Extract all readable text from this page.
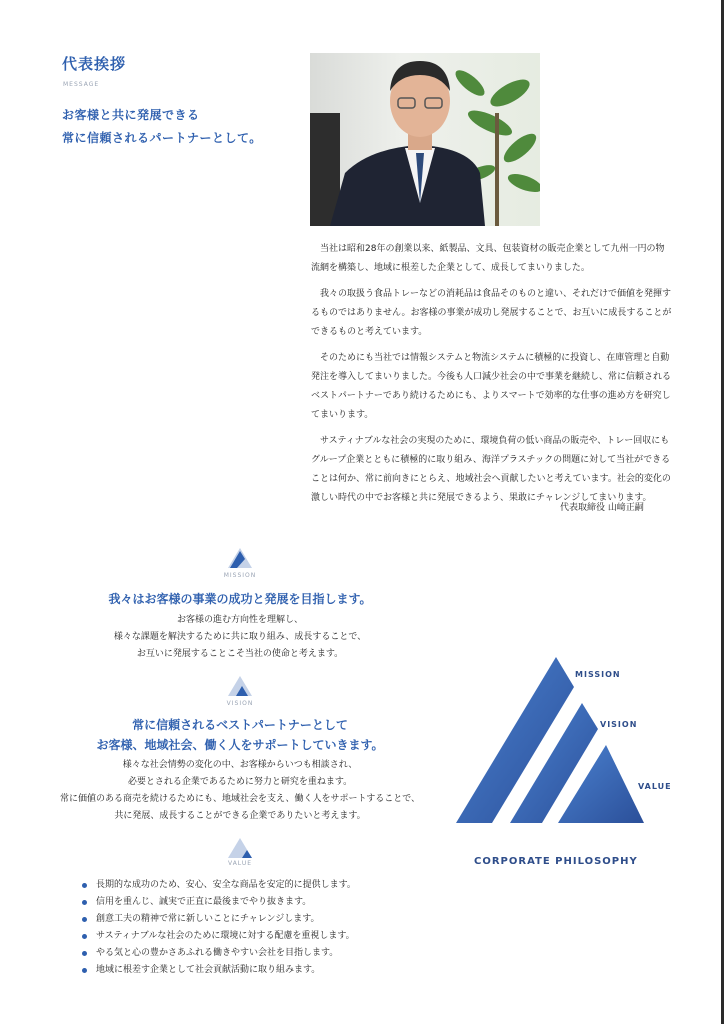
代表挨拶
MESSAGE
お客様と共に発展できる
常に信頼されるパートナーとして。

当社は昭和28年の創業以来、紙製品、文具、包装資材の販売企業として九州一円の物流網を構築し、地域に根差した企業として、成長してまいりました。

我々の取扱う食品トレーなどの消耗品は食品そのものと違い、それだけで価値を発揮するものではありません。お客様の事業が成功し発展することで、お互いに成長することができるものと考えています。

そのためにも当社では情報システムと物流システムに積極的に投資し、在庫管理と自動発注を導入してまいりました。今後も人口減少社会の中で事業を継続し、常に信頼されるベストパートナーであり続けるためにも、よりスマートで効率的な仕事の進め方を研究してまいります。

サスティナブルな社会の実現のために、環境負荷の低い商品の販売や、トレー回収にもグループ企業とともに積極的に取り組み、海洋プラスチックの問題に対して当社ができることは何か、常に前向きにとらえ、地域社会へ貢献したいと考えています。社会的変化の激しい時代の中でお客様と共に発展できるよう、果敢にチャレンジしてまいります。

代表取締役 山﨑正嗣
MISSION
我々はお客様の事業の成功と発展を目指します。
お客様の進む方向性を理解し、
様々な課題を解決するために共に取り組み、成長することで、
お互いに発展することこそ当社の使命と考えます。
VISION
常に信頼されるベストパートナーとして
お客様、地域社会、働く人をサポートしていきます。
様々な社会情勢の変化の中、お客様からいつも相談され、
必要とされる企業であるために努力と研究を重ねます。
常に価値のある商売を続けるためにも、地域社会を支え、働く人をサポートすることで、
共に発展、成長することができる企業でありたいと考えます。
VALUE
長期的な成功のため、安心、安全な商品を安定的に提供します。
信用を重んじ、誠実で正直に最後までやり抜きます。
創意工夫の精神で常に新しいことにチャレンジします。
サスティナブルな社会のために環境に対する配慮を重視します。
やる気と心の豊かさあふれる働きやすい会社を目指します。
地域に根差す企業として社会貢献活動に取り組みます。
MISSION
VISION
VALUE
CORPORATE PHILOSOPHY
